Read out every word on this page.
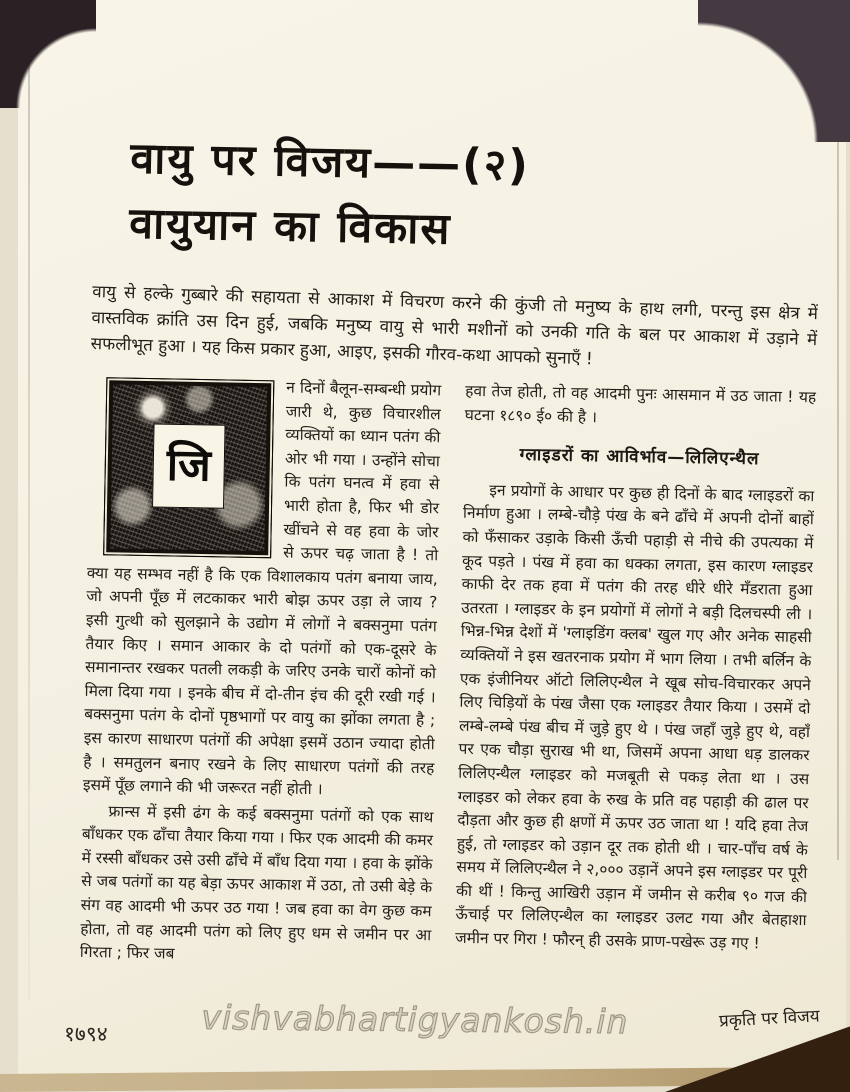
वायु पर विजय——(२)
वायुयान का विकास

वायु से हल्के गुब्बारे की सहायता से आकाश में विचरण करने की कुंजी तो मनुष्य के हाथ लगी, परन्तु इस क्षेत्र में वास्तविक क्रांति उस दिन हुई, जबकि मनुष्य वायु से भारी मशीनों को उनकी गति के बल पर आकाश में उड़ाने में सफलीभूत हुआ । यह किस प्रकार हुआ, आइए, इसकी गौरव-कथा आपको सुनाएँ !

जि

न दिनों बैलून-सम्बन्धी प्रयोग जारी थे, कुछ विचारशील व्यक्तियों का ध्यान पतंग की ओर भी गया । उन्होंने सोचा कि पतंग घनत्व में हवा से भारी होता है, फिर भी डोर खींचने से वह हवा के जोर से ऊपर चढ़ जाता है ! तो क्या यह सम्भव नहीं है कि एक विशालकाय पतंग बनाया जाय, जो अपनी पूँछ में लटकाकर भारी बोझ ऊपर उड़ा ले जाय ? इसी गुत्थी को सुलझाने के उद्योग में लोगों ने बक्सनुमा पतंग तैयार किए । समान आकार के दो पतंगों को एक-दूसरे के समानान्तर रखकर पतली लकड़ी के जरिए उनके चारों कोनों को मिला दिया गया । इनके बीच में दो-तीन इंच की दूरी रखी गई । बक्सनुमा पतंग के दोनों पृष्ठभागों पर वायु का झोंका लगता है ; इस कारण साधारण पतंगों की अपेक्षा इसमें उठान ज्यादा होती है । समतुलन बनाए रखने के लिए साधारण पतंगों की तरह इसमें पूँछ लगाने की भी जरूरत नहीं होती ।

फ्रान्स में इसी ढंग के कई बक्सनुमा पतंगों को एक साथ बाँधकर एक ढाँचा तैयार किया गया । फिर एक आदमी की कमर में रस्सी बाँधकर उसे उसी ढाँचे में बाँध दिया गया । हवा के झोंके से जब पतंगों का यह बेड़ा ऊपर आकाश में उठा, तो उसी बेड़े के संग वह आदमी भी ऊपर उठ गया ! जब हवा का वेग कुछ कम होता, तो वह आदमी पतंग को लिए हुए धम से जमीन पर आ गिरता ; फिर जब

हवा तेज होती, तो वह आदमी पुनः आसमान में उठ जाता ! यह घटना १८९० ई० की है ।

ग्लाइडरों का आविर्भाव—लिलिएन्थैल

इन प्रयोगों के आधार पर कुछ ही दिनों के बाद ग्लाइडरों का निर्माण हुआ । लम्बे-चौड़े पंख के बने ढाँचे में अपनी दोनों बाहों को फँसाकर उड़ाके किसी ऊँची पहाड़ी से नीचे की उपत्यका में कूद पड़ते । पंख में हवा का धक्का लगता, इस कारण ग्लाइडर काफी देर तक हवा में पतंग की तरह धीरे धीरे मँडराता हुआ उतरता । ग्लाइडर के इन प्रयोगों में लोगों ने बड़ी दिलचस्पी ली । भिन्न-भिन्न देशों में 'ग्लाइडिंग क्लब' खुल गए और अनेक साहसी व्यक्तियों ने इस खतरनाक प्रयोग में भाग लिया । तभी बर्लिन के एक इंजीनियर ऑटो लिलिएन्थैल ने खूब सोच-विचारकर अपने लिए चिड़ियों के पंख जैसा एक ग्लाइडर तैयार किया । उसमें दो लम्बे-लम्बे पंख बीच में जुड़े हुए थे । पंख जहाँ जुड़े हुए थे, वहाँ पर एक चौड़ा सुराख भी था, जिसमें अपना आधा धड़ डालकर लिलिएन्थैल ग्लाइडर को मजबूती से पकड़ लेता था । उस ग्लाइडर को लेकर हवा के रुख के प्रति वह पहाड़ी की ढाल पर दौड़ता और कुछ ही क्षणों में ऊपर उठ जाता था ! यदि हवा तेज हुई, तो ग्लाइडर को उड़ान दूर तक होती थी । चार-पाँच वर्ष के समय में लिलिएन्थैल ने २,००० उड़ानें अपने इस ग्लाइडर पर पूरी की थीं ! किन्तु आखिरी उड़ान में जमीन से करीब ९० गज की ऊँचाई पर लिलिएन्थैल का ग्लाइडर उलट गया और बेतहाशा जमीन पर गिरा ! फौरन् ही उसके प्राण-पखेरू उड़ गए !

१७९४	vishvabhartigyankosh.in	प्रकृति पर विजय
